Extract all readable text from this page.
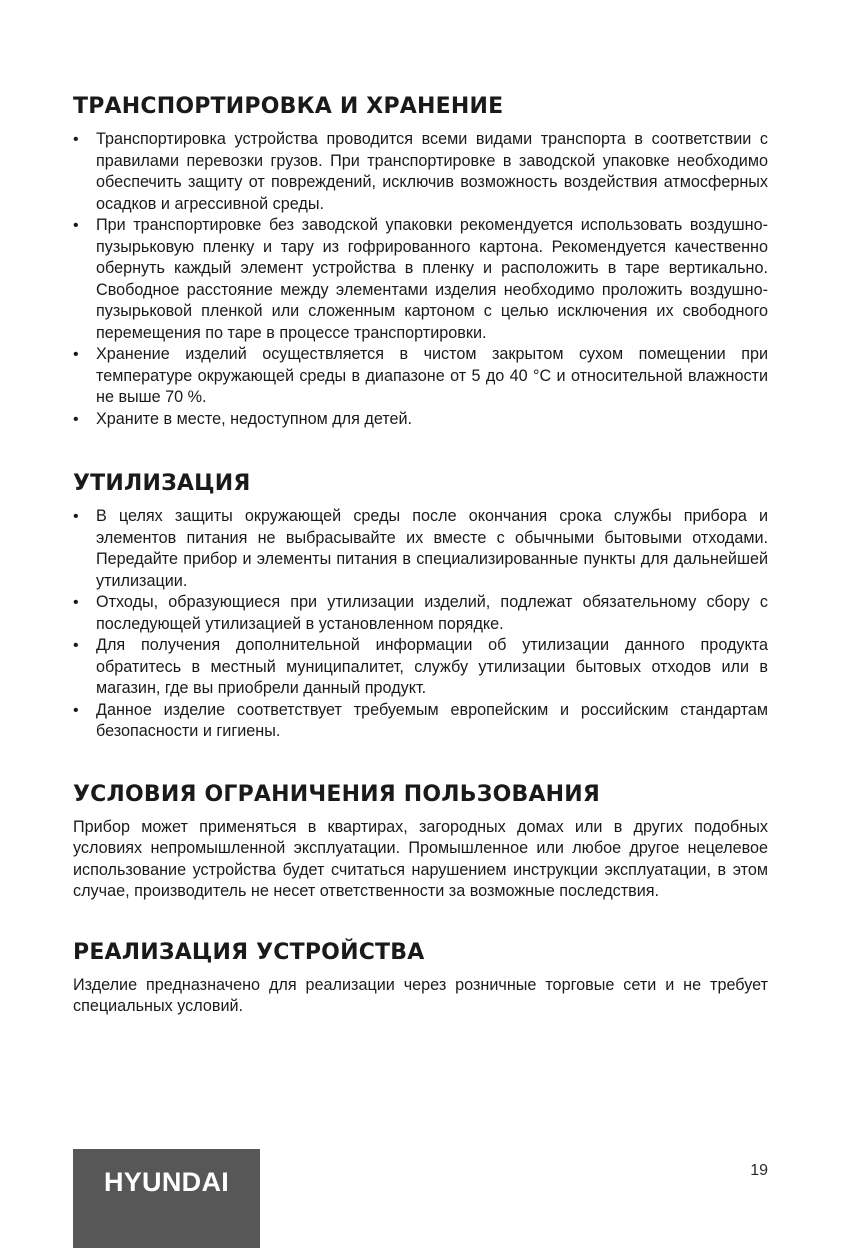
ТРАНСПОРТИРОВКА И ХРАНЕНИЕ
•	Транспортировка устройства проводится всеми видами транспорта в соответствии с правилами перевозки грузов. При транспортировке в заводской упаковке необходимо обеспечить защиту от повреждений, исключив возможность воздействия атмосферных осадков и агрессивной среды.
•	При транспортировке без заводской упаковки рекомендуется использовать воздушно-пузырьковую пленку и тару из гофрированного картона. Рекомендуется качественно обернуть каждый элемент устройства в пленку и расположить в таре вертикально. Свободное расстояние между элементами изделия необходимо проложить воздушно-пузырьковой пленкой или сложенным картоном с целью исключения их свободного перемещения по таре в процессе транспортировки.
•	Хранение изделий осуществляется в чистом закрытом сухом помещении при температуре окружающей среды в диапазоне от 5 до 40 °С и относительной влажности не выше 70 %.
•	Храните в месте, недоступном для детей.
УТИЛИЗАЦИЯ
•	В целях защиты окружающей среды после окончания срока службы прибора и элементов питания не выбрасывайте их вместе с обычными бытовыми отходами. Передайте прибор и элементы питания в специализированные пункты для дальнейшей утилизации.
•	Отходы, образующиеся при утилизации изделий, подлежат обязательному сбору с последующей утилизацией в установленном порядке.
•	Для получения дополнительной информации об утилизации данного продукта обратитесь в местный муниципалитет, службу утилизации бытовых отходов или в магазин, где вы приобрели данный продукт.
•	Данное изделие соответствует требуемым европейским и российским стандартам безопасности и гигиены.
УСЛОВИЯ ОГРАНИЧЕНИЯ ПОЛЬЗОВАНИЯ

Прибор может применяться в квартирах, загородных домах или в других подобных условиях непромышленной эксплуатации. Промышленное или любое другое нецелевое использование устройства будет считаться нарушением инструкции эксплуатации, в этом случае, производитель не несет ответственности за возможные последствия.

РЕАЛИЗАЦИЯ УСТРОЙСТВА

Изделие предназначено для реализации через розничные торговые сети и не требует специальных условий.

HYUNDAI	19
